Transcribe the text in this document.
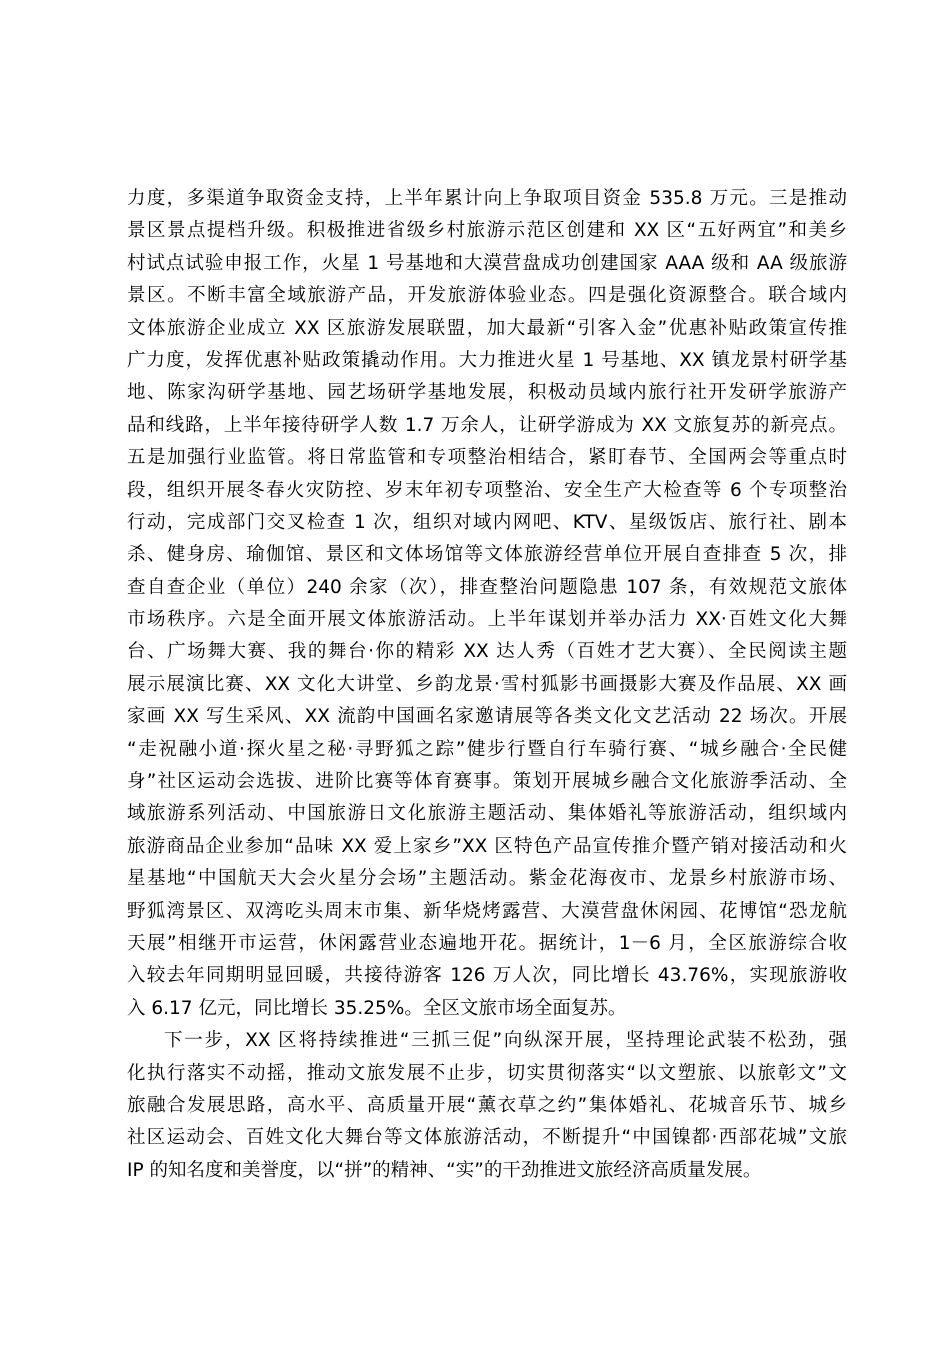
力度，多渠道争取资金支持，上半年累计向上争取项目资金 535.8 万元。三是推动
景区景点提档升级。积极推进省级乡村旅游示范区创建和 XX 区“五好两宜”和美乡
村试点试验申报工作，火星 1 号基地和大漠营盘成功创建国家 AAA 级和 AA 级旅游
景区。不断丰富全域旅游产品，开发旅游体验业态。四是强化资源整合。联合域内
文体旅游企业成立 XX 区旅游发展联盟，加大最新“引客入金”优惠补贴政策宣传推
广力度，发挥优惠补贴政策撬动作用。大力推进火星 1 号基地、XX 镇龙景村研学基
地、陈家沟研学基地、园艺场研学基地发展，积极动员域内旅行社开发研学旅游产
品和线路，上半年接待研学人数 1.7 万余人，让研学游成为 XX 文旅复苏的新亮点。
五是加强行业监管。将日常监管和专项整治相结合，紧盯春节、全国两会等重点时
段，组织开展冬春火灾防控、岁末年初专项整治、安全生产大检查等 6 个专项整治
行动，完成部门交叉检查 1 次，组织对域内网吧、KTV、星级饭店、旅行社、剧本
杀、健身房、瑜伽馆、景区和文体场馆等文体旅游经营单位开展自查排查 5 次，排
查自查企业（单位）240 余家（次），排查整治问题隐患 107 条，有效规范文旅体
市场秩序。六是全面开展文体旅游活动。上半年谋划并举办活力 XX·百姓文化大舞
台、广场舞大赛、我的舞台·你的精彩 XX 达人秀（百姓才艺大赛）、全民阅读主题
展示展演比赛、XX 文化大讲堂、乡韵龙景·雪村狐影书画摄影大赛及作品展、XX 画
家画 XX 写生采风、XX 流韵中国画名家邀请展等各类文化文艺活动 22 场次。开展
“走祝融小道·探火星之秘·寻野狐之踪”健步行暨自行车骑行赛、“城乡融合·全民健
身”社区运动会选拔、进阶比赛等体育赛事。策划开展城乡融合文化旅游季活动、全
域旅游系列活动、中国旅游日文化旅游主题活动、集体婚礼等旅游活动，组织域内
旅游商品企业参加“品味 XX 爱上家乡”XX 区特色产品宣传推介暨产销对接活动和火
星基地“中国航天大会火星分会场”主题活动。紫金花海夜市、龙景乡村旅游市场、
野狐湾景区、双湾吃头周末市集、新华烧烤露营、大漠营盘休闲园、花博馆“恐龙航
天展”相继开市运营，休闲露营业态遍地开花。据统计，1－6 月，全区旅游综合收
入较去年同期明显回暖，共接待游客 126 万人次，同比增长 43.76%，实现旅游收
入 6.17 亿元，同比增长 35.25%。全区文旅市场全面复苏。
下一步，XX 区将持续推进“三抓三促”向纵深开展，坚持理论武装不松劲，强
化执行落实不动摇，推动文旅发展不止步，切实贯彻落实“以文塑旅、以旅彰文”文
旅融合发展思路，高水平、高质量开展“薰衣草之约”集体婚礼、花城音乐节、城乡
社区运动会、百姓文化大舞台等文体旅游活动，不断提升“中国镍都·西部花城”文旅
IP 的知名度和美誉度，以“拼”的精神、“实”的干劲推进文旅经济高质量发展。
